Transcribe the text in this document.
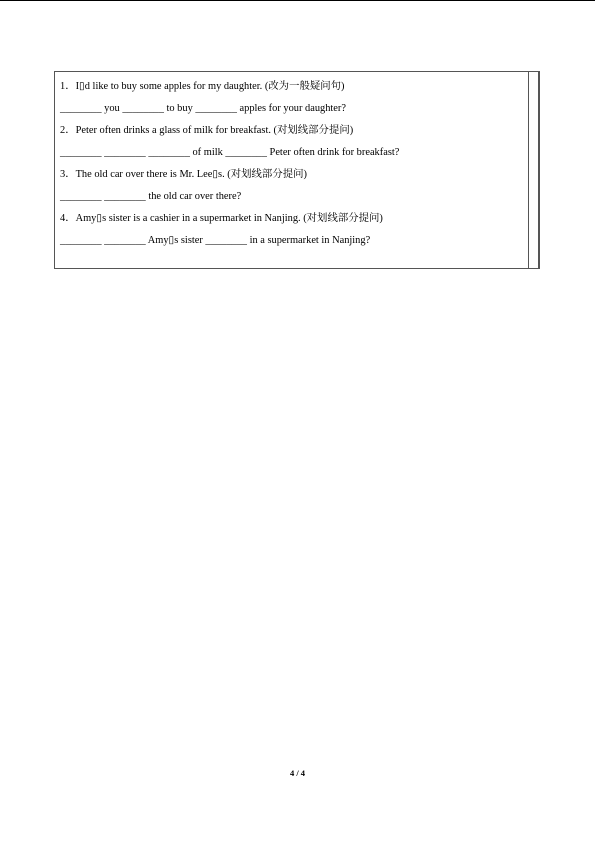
1．I▯d like to buy some apples for my daughter. (改为一般疑问句)
________ you ________ to buy ________ apples for your daughter?
2．Peter often drinks a glass of milk for breakfast. (对划线部分提问)
________ ________ ________ of milk ________ Peter often drink for breakfast?
3．The old car over there is Mr. Lee▯s. (对划线部分提问)
________ ________ the old car over there?
4．Amy▯s sister is a cashier in a supermarket in Nanjing. (对划线部分提问)
________ ________ Amy▯s sister ________ in a supermarket in Nanjing?
4 / 4
